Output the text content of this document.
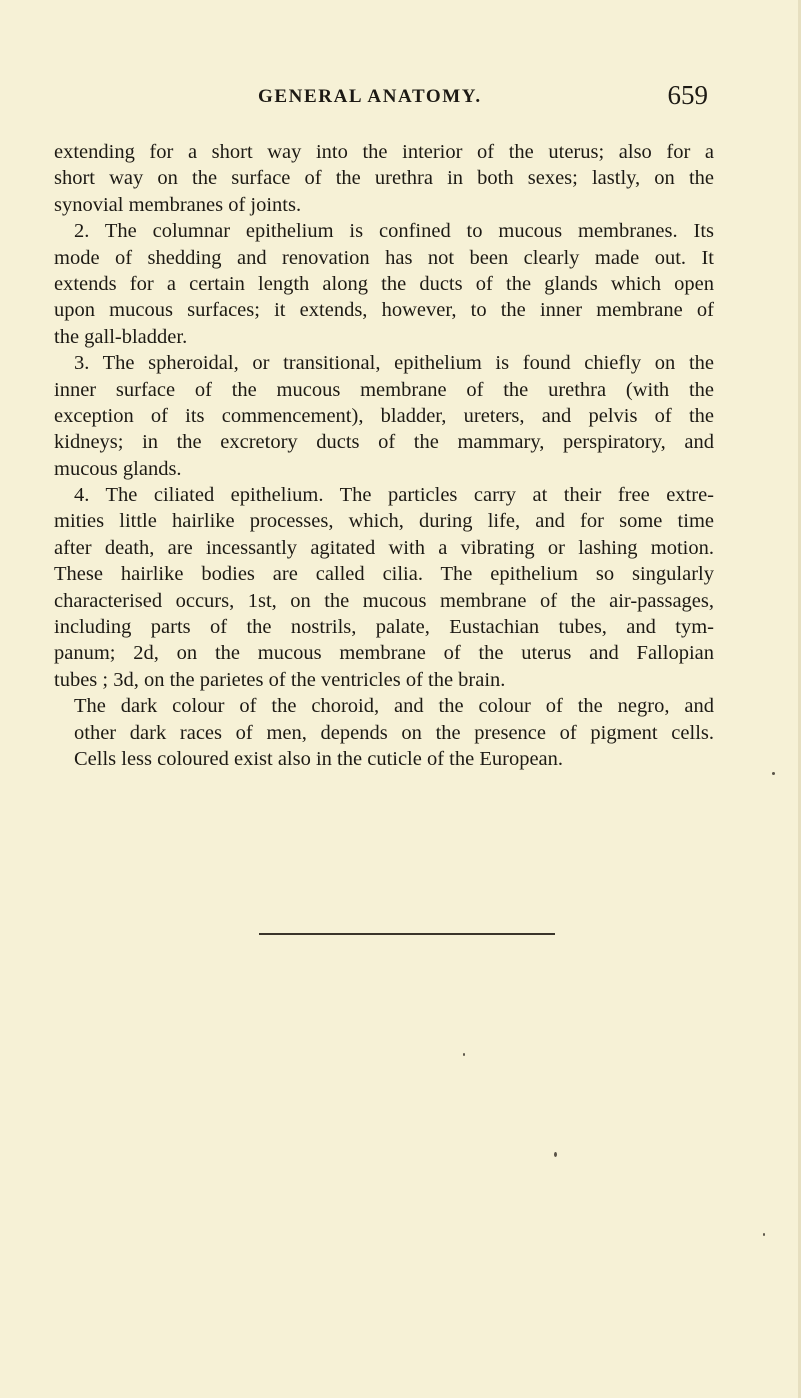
GENERAL ANATOMY.	659
extending for a short way into the interior of the uterus; also for a
short way on the surface of the urethra in both sexes; lastly, on the
synovial membranes of joints.
2. The columnar epithelium is confined to mucous membranes. Its
mode of shedding and renovation has not been clearly made out. It
extends for a certain length along the ducts of the glands which open
upon mucous surfaces; it extends, however, to the inner membrane of
the gall-bladder.
3. The spheroidal, or transitional, epithelium is found chiefly on the
inner surface of the mucous membrane of the urethra (with the
exception of its commencement), bladder, ureters, and pelvis of the
kidneys; in the excretory ducts of the mammary, perspiratory, and
mucous glands.
4. The ciliated epithelium. The particles carry at their free extre-
mities little hairlike processes, which, during life, and for some time
after death, are incessantly agitated with a vibrating or lashing motion.
These hairlike bodies are called cilia. The epithelium so singularly
characterised occurs, 1st, on the mucous membrane of the air-passages,
including parts of the nostrils, palate, Eustachian tubes, and tym-
panum; 2d, on the mucous membrane of the uterus and Fallopian
tubes ; 3d, on the parietes of the ventricles of the brain.
The dark colour of the choroid, and the colour of the negro, and
other dark races of men, depends on the presence of pigment cells.
Cells less coloured exist also in the cuticle of the European.
